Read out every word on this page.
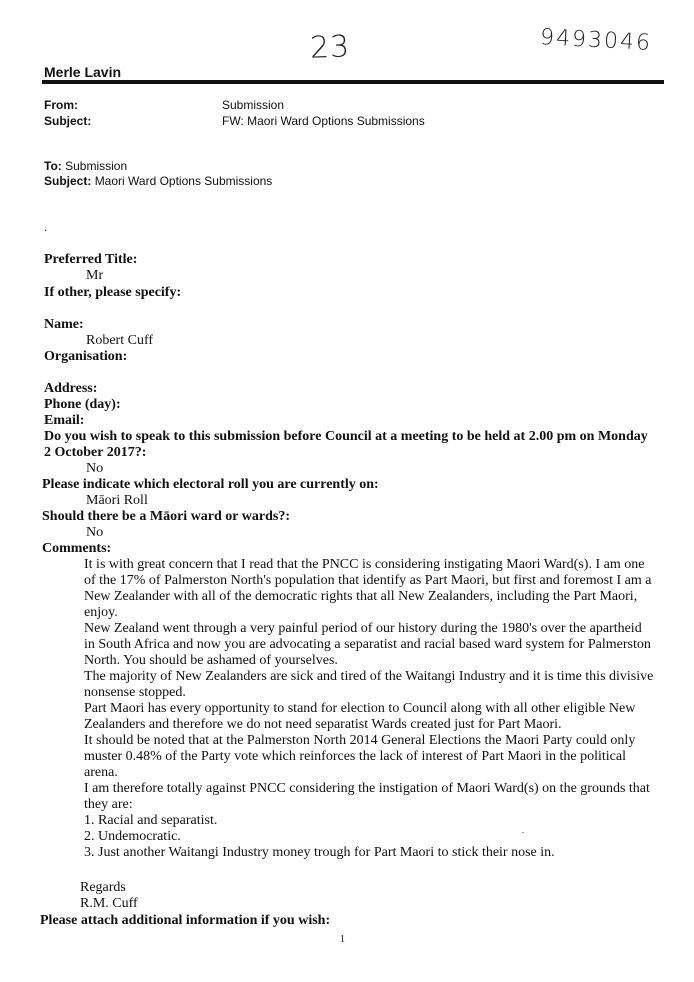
23	9493046
Merle Lavin
From:	Submission
Subject:	FW: Maori Ward Options Submissions
To: Submission
Subject: Maori Ward Options Submissions
.
Preferred Title:
Mr
If other, please specify:
Name:
Robert Cuff
Organisation:
Address:
Phone (day):
Email:
Do you wish to speak to this submission before Council at a meeting to be held at 2.00 pm on Monday
2 October 2017?:
No
Please indicate which electoral roll you are currently on:
Māori Roll
Should there be a Māori ward or wards?:
No
Comments:

It is with great concern that I read that the PNCC is considering instigating Maori Ward(s). I am one of the 17% of Palmerston North's population that identify as Part Maori, but first and foremost I am a New Zealander with all of the democratic rights that all New Zealanders, including the Part Maori, enjoy.

New Zealand went through a very painful period of our history during the 1980's over the apartheid in South Africa and now you are advocating a separatist and racial based ward system for Palmerston North. You should be ashamed of yourselves.

The majority of New Zealanders are sick and tired of the Waitangi Industry and it is time this divisive nonsense stopped.

Part Maori has every opportunity to stand for election to Council along with all other eligible New Zealanders and therefore we do not need separatist Wards created just for Part Maori.

It should be noted that at the Palmerston North 2014 General Elections the Maori Party could only muster 0.48% of the Party vote which reinforces the lack of interest of Part Maori in the political arena.

I am therefore totally against PNCC considering the instigation of Maori Ward(s) on the grounds that they are:

1. Racial and separatist.

2. Undemocratic.

3. Just another Waitangi Industry money trough for Part Maori to stick their nose in.

Regards
R.M. Cuff
Please attach additional information if you wish:
1
